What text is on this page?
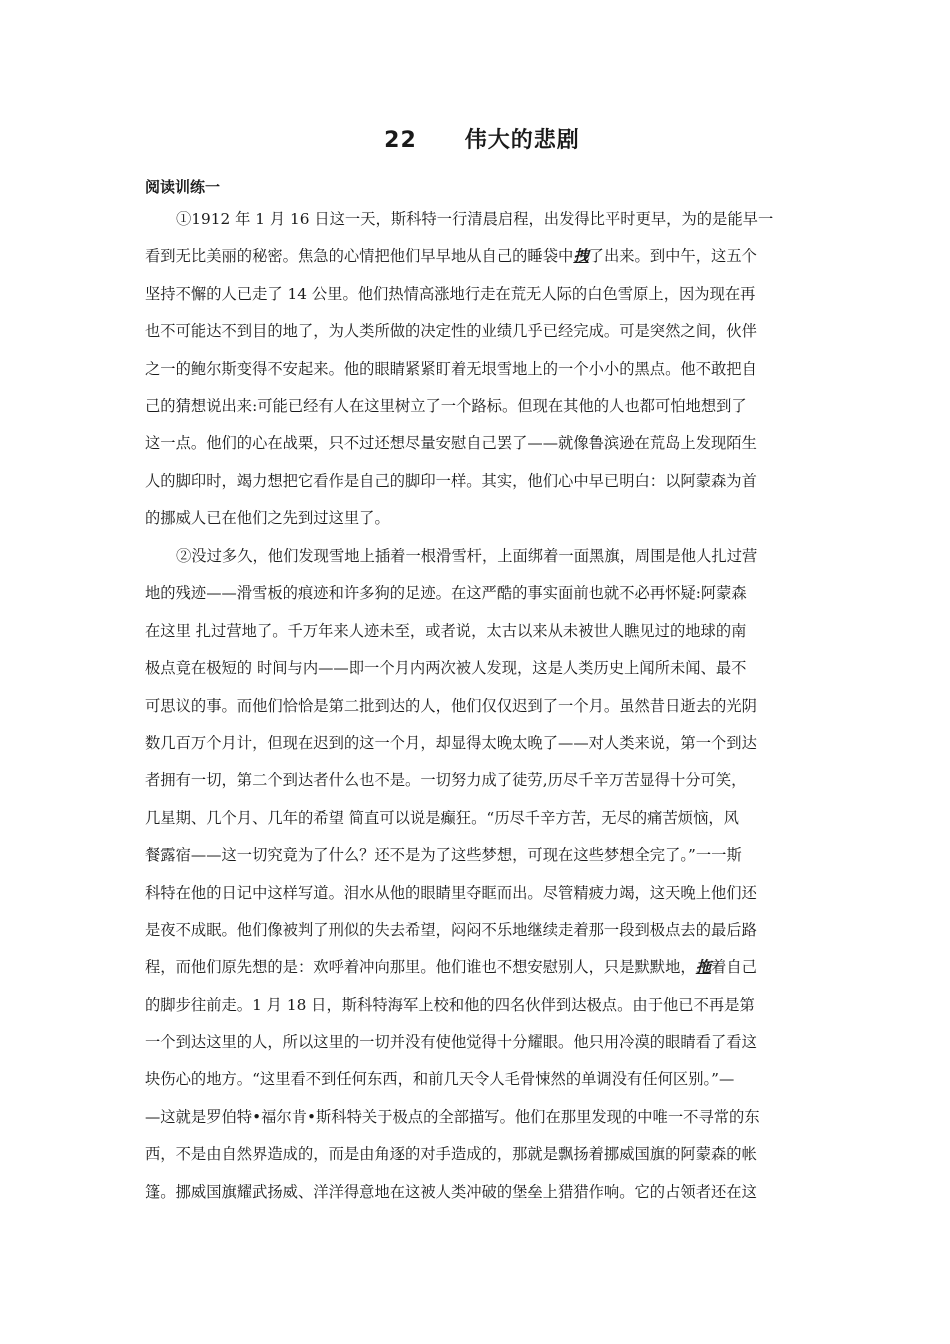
22 伟大的悲剧
阅读训练一
①1912 年 1 月 16 日这一天，斯科特一行清晨启程，出发得比平时更早，为的是能早一
看到无比美丽的秘密。焦急的心情把他们早早地从自己的睡袋中拽了出来。到中午，这五个
坚持不懈的人已走了 14 公里。他们热情高涨地行走在荒无人际的白色雪原上，因为现在再
也不可能达不到目的地了，为人类所做的决定性的业绩几乎已经完成。可是突然之间，伙伴
之一的鲍尔斯变得不安起来。他的眼睛紧紧盯着无垠雪地上的一个小小的黑点。他不敢把自
己的猜想说出来:可能已经有人在这里树立了一个路标。但现在其他的人也都可怕地想到了
这一点。他们的心在战栗，只不过还想尽量安慰自己罢了——就像鲁滨逊在荒岛上发现陌生
人的脚印时，竭力想把它看作是自己的脚印一样。其实，他们心中早已明白：以阿蒙森为首
的挪威人已在他们之先到过这里了。
②没过多久，他们发现雪地上插着一根滑雪杆，上面绑着一面黑旗，周围是他人扎过营
地的残迹——滑雪板的痕迹和许多狗的足迹。在这严酷的事实面前也就不必再怀疑:阿蒙森
在这里 扎过营地了。千万年来人迹未至，或者说，太古以来从未被世人瞧见过的地球的南
极点竟在极短的 时间与内——即一个月内两次被人发现，这是人类历史上闻所未闻、最不
可思议的事。而他们恰恰是第二批到达的人，他们仅仅迟到了一个月。虽然昔日逝去的光阴
数几百万个月计，但现在迟到的这一个月，却显得太晚太晚了——对人类来说，第一个到达
者拥有一切，第二个到达者什么也不是。一切努力成了徒劳,历尽千辛万苦显得十分可笑，
几星期、几个月、几年的希望 简直可以说是癫狂。“历尽千辛方苦，无尽的痛苦烦恼，风
餐露宿——这一切究竟为了什么？还不是为了这些梦想，可现在这些梦想全完了。”一一斯
科特在他的日记中这样写道。泪水从他的眼睛里夺眶而出。尽管精疲力竭，这天晚上他们还
是夜不成眠。他们像被判了刑似的失去希望，闷闷不乐地继续走着那一段到极点去的最后路
程，而他们原先想的是：欢呼着冲向那里。他们谁也不想安慰别人，只是默默地，拖着自己
的脚步往前走。1 月 18 日，斯科特海军上校和他的四名伙伴到达极点。由于他已不再是第
一个到达这里的人，所以这里的一切并没有使他觉得十分耀眼。他只用冷漠的眼睛看了看这
块伤心的地方。“这里看不到任何东西，和前几天令人毛骨悚然的单调没有任何区别。”—
—这就是罗伯特•福尔肯•斯科特关于极点的全部描写。他们在那里发现的中唯一不寻常的东
西，不是由自然界造成的，而是由角逐的对手造成的，那就是飘扬着挪威国旗的阿蒙森的帐
篷。挪威国旗耀武扬威、洋洋得意地在这被人类冲破的堡垒上猎猎作响。它的占领者还在这
